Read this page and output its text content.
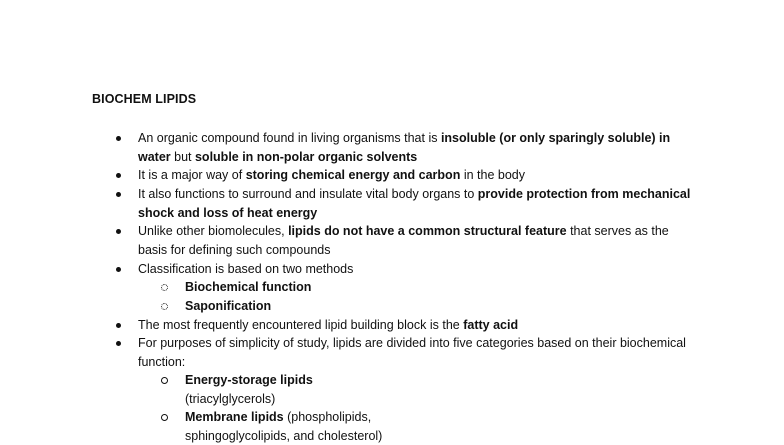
BIOCHEM LIPIDS
An organic compound found in living organisms that is insoluble (or only sparingly soluble) in water but soluble in non-polar organic solvents
It is a major way of storing chemical energy and carbon in the body
It also functions to surround and insulate vital body organs to provide protection from mechanical shock and loss of heat energy
Unlike other biomolecules, lipids do not have a common structural feature that serves as the basis for defining such compounds
Classification is based on two methods
Biochemical function
Saponification
The most frequently encountered lipid building block is the fatty acid
For purposes of simplicity of study, lipids are divided into five categories based on their biochemical function:
Energy-storage lipids
(triacylglycerols)
Membrane lipids (phospholipids, sphingoglycolipids, and cholesterol)
